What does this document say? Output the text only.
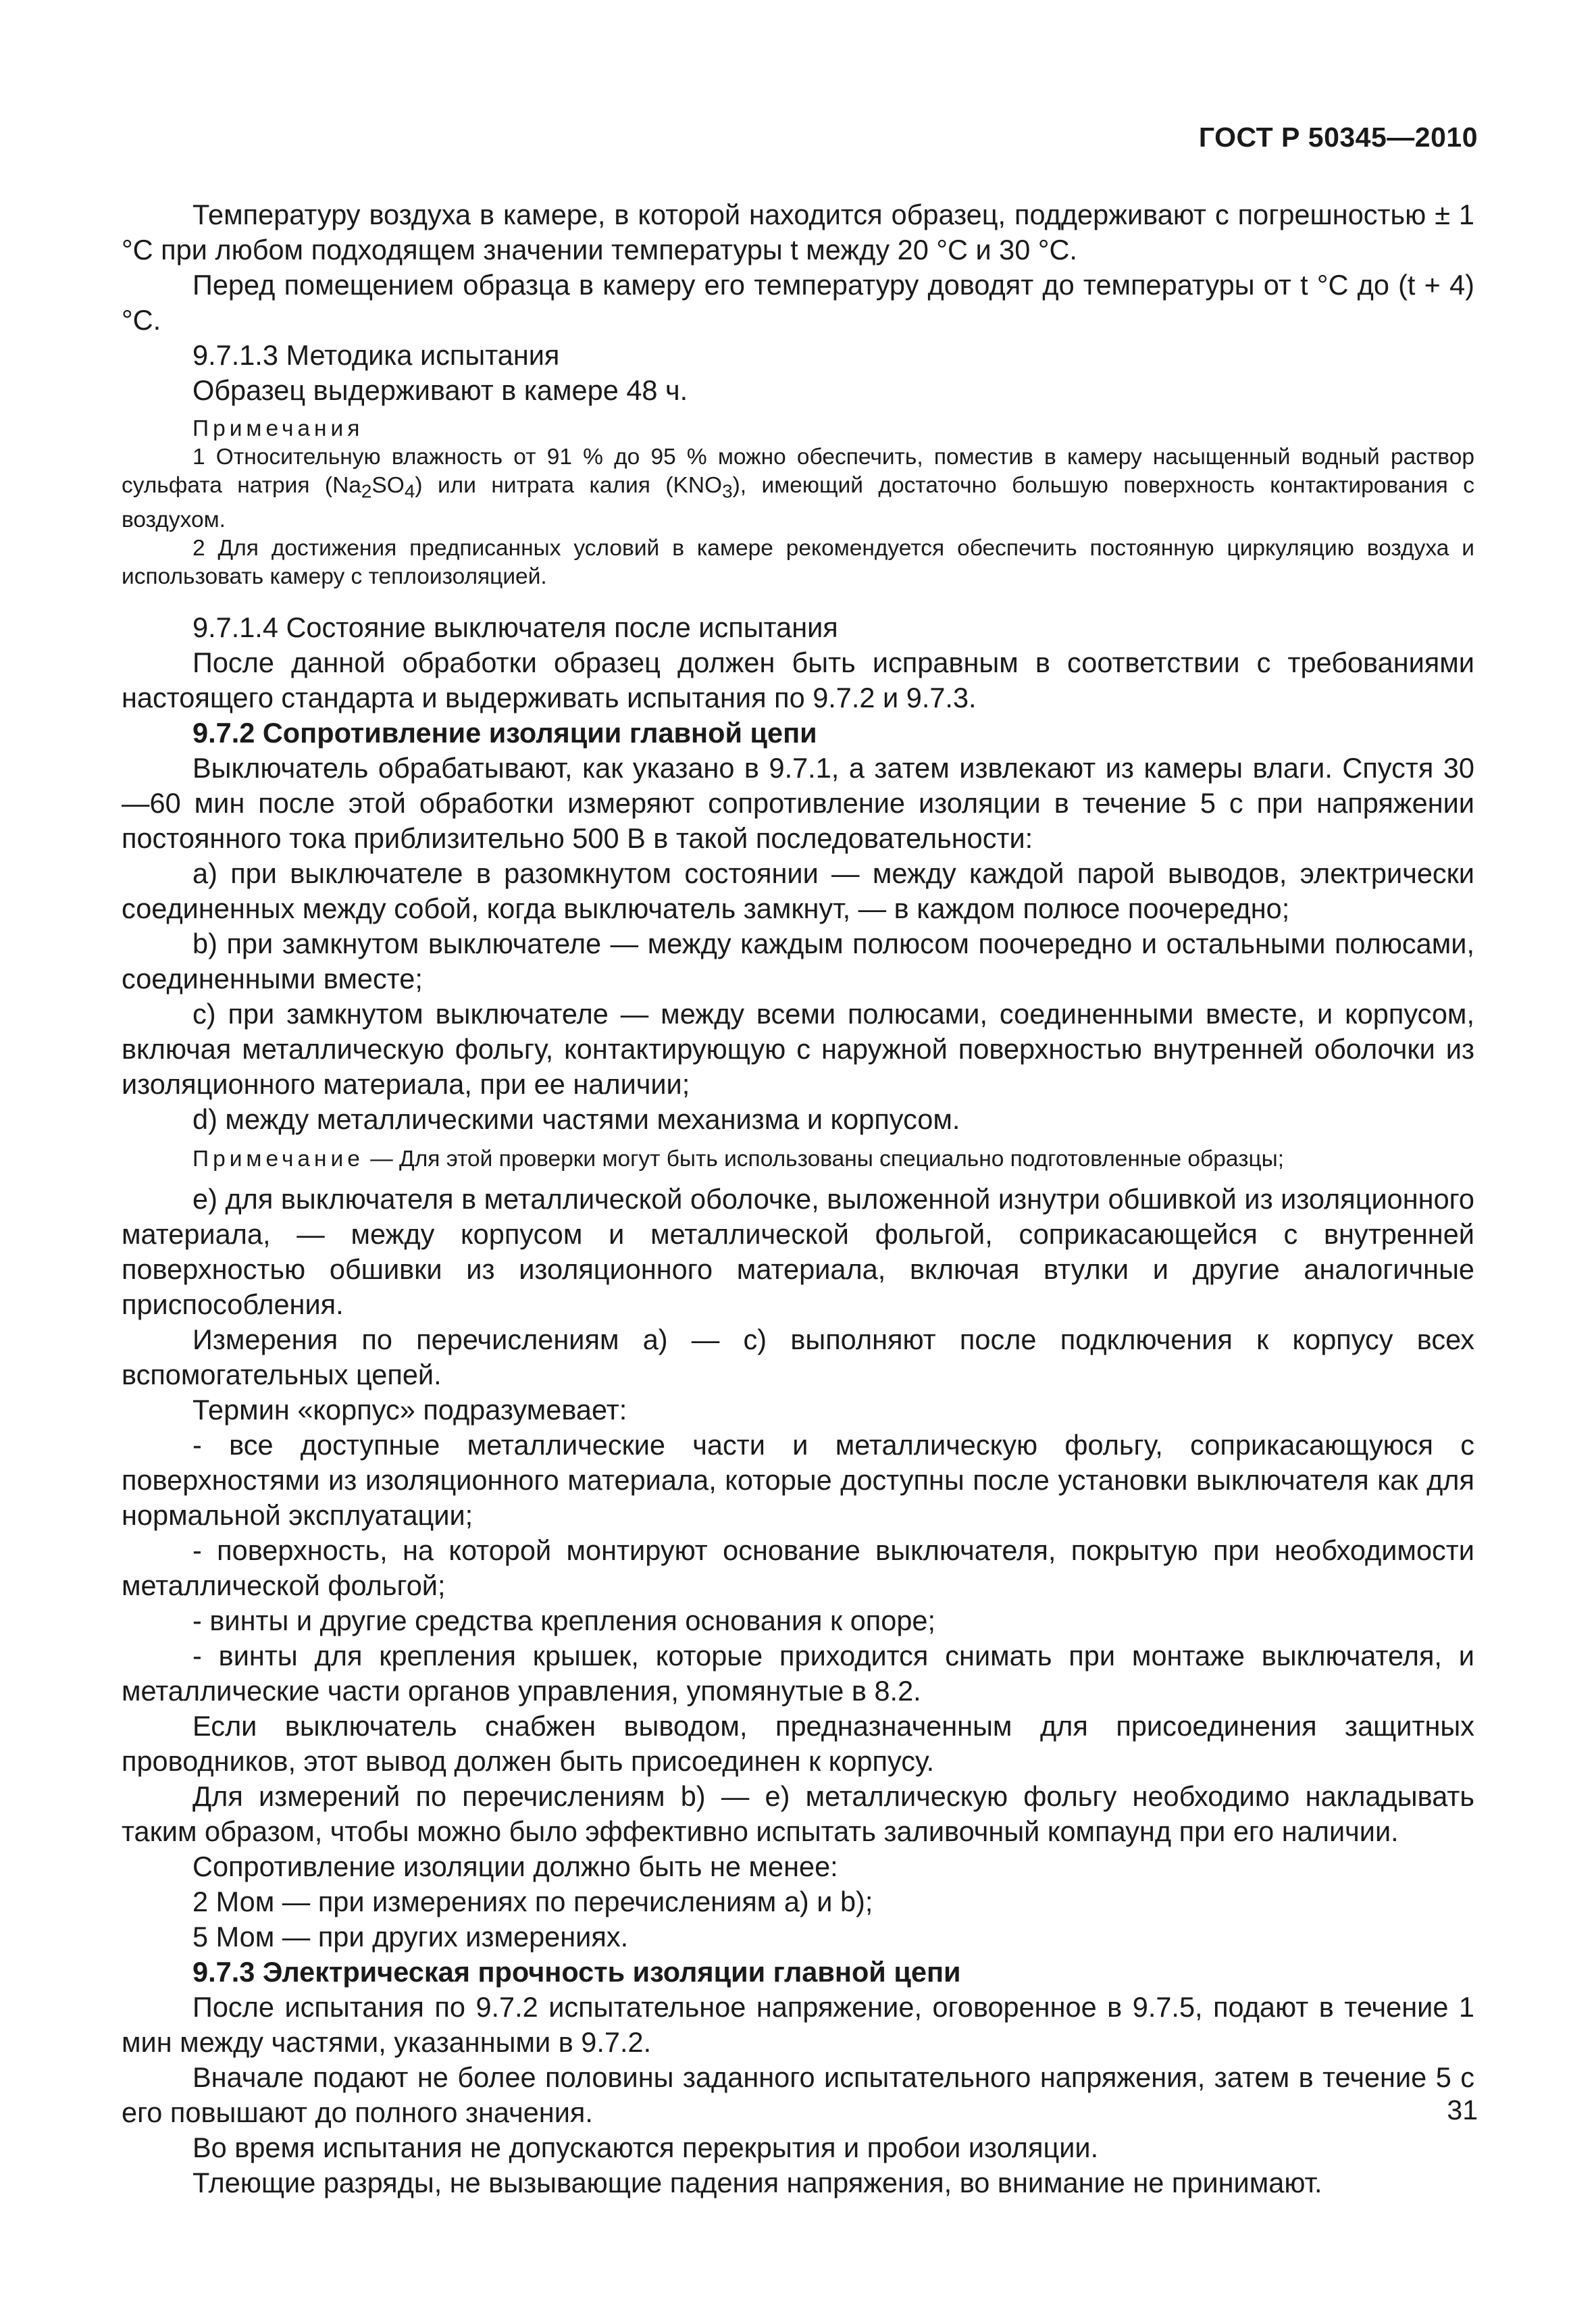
ГОСТ Р 50345—2010

Температуру воздуха в камере, в которой находится образец, поддерживают с погрешностью ± 1 °С при любом подходящем значении температуры t между 20 °С и 30 °С.

Перед помещением образца в камеру его температуру доводят до температуры от t °С до (t + 4) °С.

9.7.1.3 Методика испытания

Образец выдерживают в камере 48 ч.

Примечания

1 Относительную влажность от 91 % до 95 % можно обеспечить, поместив в камеру насыщенный водный раствор сульфата натрия $(Na_2SO_4)$ или нитрата калия $(KNO_3)$, имеющий достаточно большую поверхность контактирования с воздухом.

2 Для достижения предписанных условий в камере рекомендуется обеспечить постоянную циркуляцию воздуха и использовать камеру с теплоизоляцией.

9.7.1.4 Состояние выключателя после испытания

После данной обработки образец должен быть исправным в соответствии с требованиями настоящего стандарта и выдерживать испытания по 9.7.2 и 9.7.3.

9.7.2 Сопротивление изоляции главной цепи

Выключатель обрабатывают, как указано в 9.7.1, а затем извлекают из камеры влаги. Спустя 30—60 мин после этой обработки измеряют сопротивление изоляции в течение 5 с при напряжении постоянного тока приблизительно 500 В в такой последовательности:

a) при выключателе в разомкнутом состоянии — между каждой парой выводов, электрически соединенных между собой, когда выключатель замкнут, — в каждом полюсе поочередно;

b) при замкнутом выключателе — между каждым полюсом поочередно и остальными полюсами, соединенными вместе;

c) при замкнутом выключателе — между всеми полюсами, соединенными вместе, и корпусом, включая металлическую фольгу, контактирующую с наружной поверхностью внутренней оболочки из изоляционного материала, при ее наличии;

d) между металлическими частями механизма и корпусом.

Примечание — Для этой проверки могут быть использованы специально подготовленные образцы;

e) для выключателя в металлической оболочке, выложенной изнутри обшивкой из изоляционного материала, — между корпусом и металлической фольгой, соприкасающейся с внутренней поверхностью обшивки из изоляционного материала, включая втулки и другие аналогичные приспособления.

Измерения по перечислениям а) — с) выполняют после подключения к корпусу всех вспомогательных цепей.

Термин «корпус» подразумевает:

- все доступные металлические части и металлическую фольгу, соприкасающуюся с поверхностями из изоляционного материала, которые доступны после установки выключателя как для нормальной эксплуатации;

- поверхность, на которой монтируют основание выключателя, покрытую при необходимости металлической фольгой;

- винты и другие средства крепления основания к опоре;

- винты для крепления крышек, которые приходится снимать при монтаже выключателя, и металлические части органов управления, упомянутые в 8.2.

Если выключатель снабжен выводом, предназначенным для присоединения защитных проводников, этот вывод должен быть присоединен к корпусу.

Для измерений по перечислениям b) — e) металлическую фольгу необходимо накладывать таким образом, чтобы можно было эффективно испытать заливочный компаунд при его наличии.

Сопротивление изоляции должно быть не менее:

2 Мом — при измерениях по перечислениям а) и b);

5 Мом — при других измерениях.

9.7.3 Электрическая прочность изоляции главной цепи

После испытания по 9.7.2 испытательное напряжение, оговоренное в 9.7.5, подают в течение 1 мин между частями, указанными в 9.7.2.

Вначале подают не более половины заданного испытательного напряжения, затем в течение 5 с его повышают до полного значения.

Во время испытания не допускаются перекрытия и пробои изоляции.

Тлеющие разряды, не вызывающие падения напряжения, во внимание не принимают.

31
